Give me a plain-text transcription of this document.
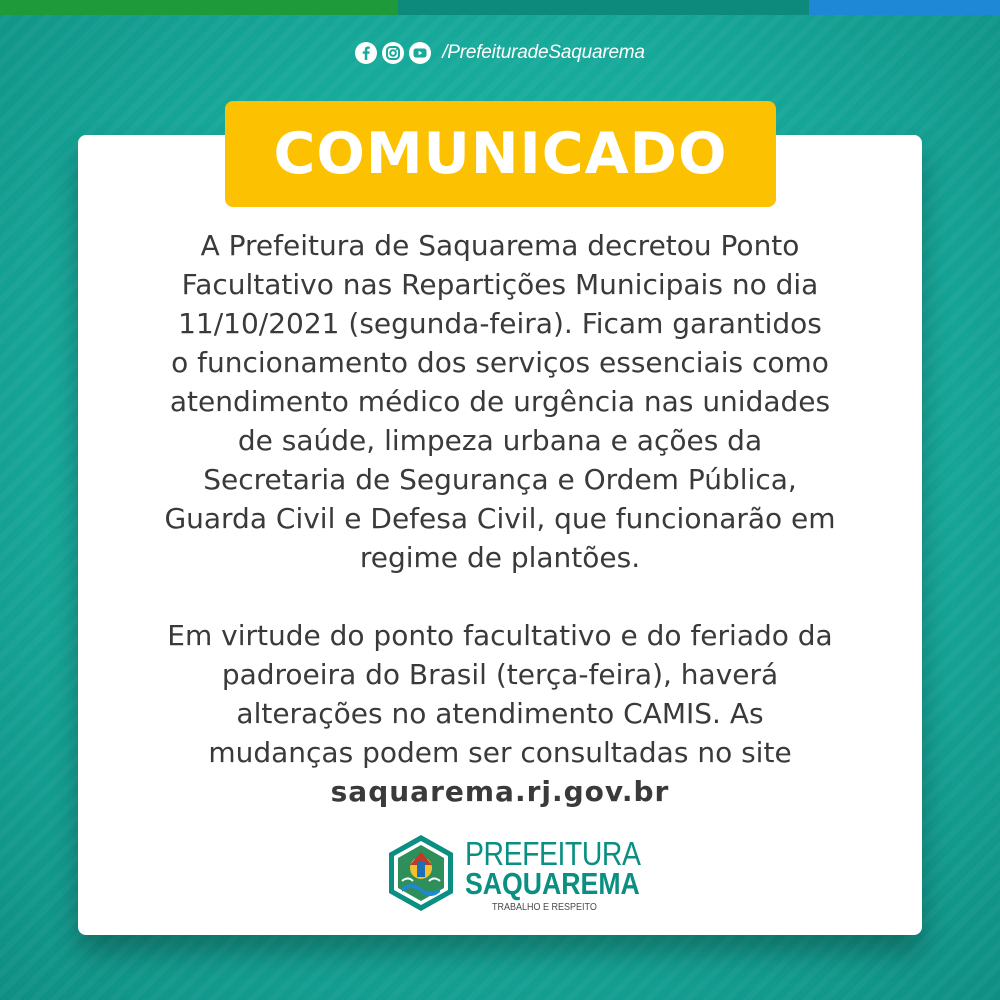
/PrefeituradeSaquarema
COMUNICADO

A Prefeitura de Saquarema decretou Ponto
Facultativo nas Repartições Municipais no dia
11/10/2021 (segunda-feira). Ficam garantidos
o funcionamento dos serviços essenciais como
atendimento médico de urgência nas unidades
de saúde, limpeza urbana e ações da
Secretaria de Segurança e Ordem Pública,
Guarda Civil e Defesa Civil, que funcionarão em
regime de plantões.

Em virtude do ponto facultativo e do feriado da
padroeira do Brasil (terça-feira), haverá
alterações no atendimento CAMIS. As
mudanças podem ser consultadas no site
saquarema.rj.gov.br

PREFEITURA
SAQUAREMA
TRABALHO E RESPEITO
